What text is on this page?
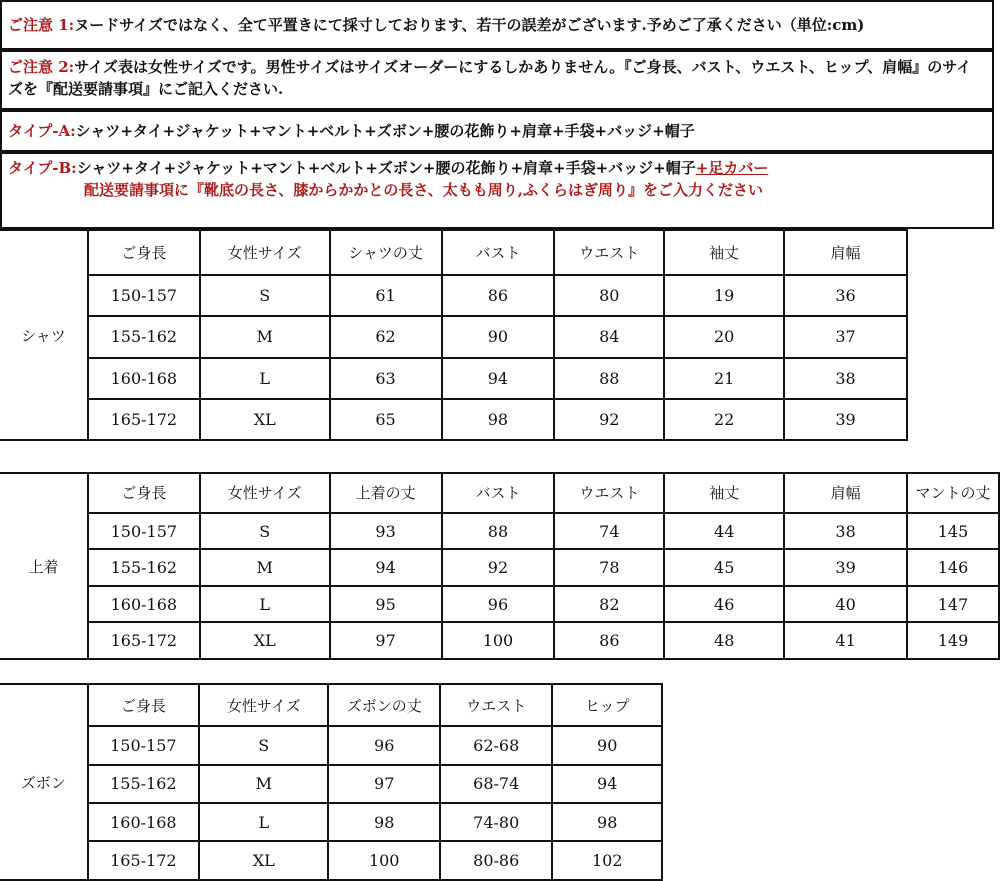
ご注意 1:ヌードサイズではなく、全て平置きにて採寸しております、若干の誤差がございます.予めご了承ください（単位:cm)
ご注意 2:サイズ表は女性サイズです。男性サイズはサイズオーダーにするしかありません。『ご身長、バスト、ウエスト、ヒップ、肩幅』のサイズを『配送要請事項』にご記入ください.
タイプ-A:シャツ+タイ+ジャケット+マント+ベルト+ズボン+腰の花飾り+肩章+手袋+バッジ+帽子
タイプ-B:シャツ+タイ+ジャケット+マント+ベルト+ズボン+腰の花飾り+肩章+手袋+バッジ+帽子+足カバー
配送要請事項に『靴底の長さ、膝からかかとの長さ、太もも周り,ふくらはぎ周り』をご入力ください
シャツ	ご身長	女性サイズ	シャツの丈	バスト	ウエスト	袖丈	肩幅
	150-157	S	61	86	80	19	36
	155-162	M	62	90	84	20	37
	160-168	L	63	94	88	21	38
	165-172	XL	65	98	92	22	39
上着	ご身長	女性サイズ	上着の丈	バスト	ウエスト	袖丈	肩幅	マントの丈
	150-157	S	93	88	74	44	38	145
	155-162	M	94	92	78	45	39	146
	160-168	L	95	96	82	46	40	147
	165-172	XL	97	100	86	48	41	149
ズボン	ご身長	女性サイズ	ズボンの丈	ウエスト	ヒップ
	150-157	S	96	62-68	90
	155-162	M	97	68-74	94
	160-168	L	98	74-80	98
	165-172	XL	100	80-86	102
